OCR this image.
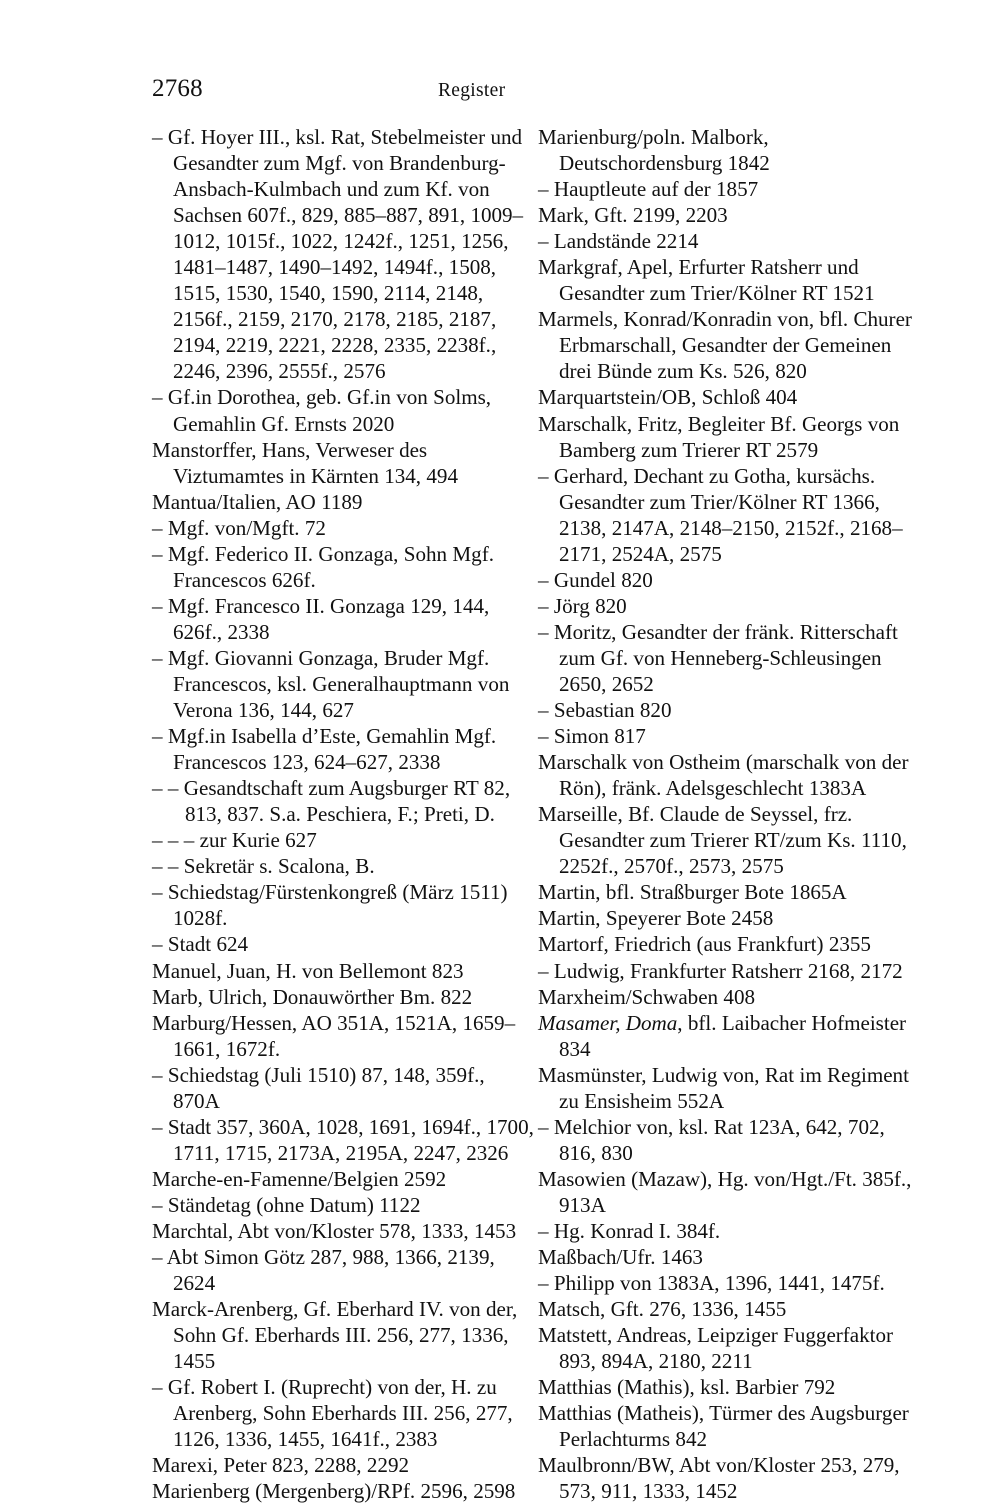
2768	Register

– Gf. Hoyer III., ksl. Rat, Stebelmeister und Gesandter zum Mgf. von Brandenburg-Ansbach-Kulmbach und zum Kf. von Sachsen 607f., 829, 885–887, 891, 1009–1012, 1015f., 1022, 1242f., 1251, 1256, 1481–1487, 1490–1492, 1494f., 1508, 1515, 1530, 1540, 1590, 2114, 2148, 2156f., 2159, 2170, 2178, 2185, 2187, 2194, 2219, 2221, 2228, 2335, 2238f., 2246, 2396, 2555f., 2576

– Gf.in Dorothea, geb. Gf.in von Solms, Gemahlin Gf. Ernsts 2020

Manstorffer, Hans, Verweser des Viztumamtes in Kärnten 134, 494

Mantua/Italien, AO 1189

– Mgf. von/Mgft. 72

– Mgf. Federico II. Gonzaga, Sohn Mgf. Francescos 626f.

– Mgf. Francesco II. Gonzaga 129, 144, 626f., 2338

– Mgf. Giovanni Gonzaga, Bruder Mgf. Francescos, ksl. Generalhauptmann von Verona 136, 144, 627

– Mgf.in Isabella d’Este, Gemahlin Mgf. Francescos 123, 624–627, 2338

– – Gesandtschaft zum Augsburger RT 82, 813, 837. S.a. Peschiera, F.; Preti, D.

– – – zur Kurie 627

– – Sekretär s. Scalona, B.

– Schiedstag/Fürstenkongreß (März 1511) 1028f.

– Stadt 624

Manuel, Juan, H. von Bellemont 823

Marb, Ulrich, Donauwörther Bm. 822

Marburg/Hessen, AO 351A, 1521A, 1659–1661, 1672f.

– Schiedstag (Juli 1510) 87, 148, 359f., 870A

– Stadt 357, 360A, 1028, 1691, 1694f., 1700, 1711, 1715, 2173A, 2195A, 2247, 2326

Marche-en-Famenne/Belgien 2592

– Ständetag (ohne Datum) 1122

Marchtal, Abt von/Kloster 578, 1333, 1453

– Abt Simon Götz 287, 988, 1366, 2139, 2624

Marck-Arenberg, Gf. Eberhard IV. von der, Sohn Gf. Eberhards III. 256, 277, 1336, 1455

– Gf. Robert I. (Ruprecht) von der, H. zu Arenberg, Sohn Eberhards III. 256, 277, 1126, 1336, 1455, 1641f., 2383

Marexi, Peter 823, 2288, 2292

Marienberg (Mergenberg)/RPf. 2596, 2598

Marienburg/poln. Malbork, Deutschordensburg 1842

– Hauptleute auf der 1857

Mark, Gft. 2199, 2203

– Landstände 2214

Markgraf, Apel, Erfurter Ratsherr und Gesandter zum Trier/Kölner RT 1521

Marmels, Konrad/Konradin von, bfl. Churer Erbmarschall, Gesandter der Gemeinen drei Bünde zum Ks. 526, 820

Marquartstein/OB, Schloß 404

Marschalk, Fritz, Begleiter Bf. Georgs von Bamberg zum Trierer RT 2579

– Gerhard, Dechant zu Gotha, kursächs. Gesandter zum Trier/Kölner RT 1366, 2138, 2147A, 2148–2150, 2152f., 2168–2171, 2524A, 2575

– Gundel 820

– Jörg 820

– Moritz, Gesandter der fränk. Ritterschaft zum Gf. von Henneberg-Schleusingen 2650, 2652

– Sebastian 820

– Simon 817

Marschalk von Ostheim (marschalk von der Rön), fränk. Adelsgeschlecht 1383A

Marseille, Bf. Claude de Seyssel, frz. Gesandter zum Trierer RT/zum Ks. 1110, 2252f., 2570f., 2573, 2575

Martin, bfl. Straßburger Bote 1865A

Martin, Speyerer Bote 2458

Martorf, Friedrich (aus Frankfurt) 2355

– Ludwig, Frankfurter Ratsherr 2168, 2172

Marxheim/Schwaben 408

Masamer, Doma, bfl. Laibacher Hofmeister 834

Masmünster, Ludwig von, Rat im Regiment zu Ensisheim 552A

– Melchior von, ksl. Rat 123A, 642, 702, 816, 830

Masowien (Mazaw), Hg. von/Hgt./Ft. 385f., 913A

– Hg. Konrad I. 384f.

Maßbach/Ufr. 1463

– Philipp von 1383A, 1396, 1441, 1475f.

Matsch, Gft. 276, 1336, 1455

Matstett, Andreas, Leipziger Fuggerfaktor 893, 894A, 2180, 2211

Matthias (Mathis), ksl. Barbier 792

Matthias (Matheis), Türmer des Augsburger Perlachturms 842

Maulbronn/BW, Abt von/Kloster 253, 279, 573, 911, 1333, 1452
